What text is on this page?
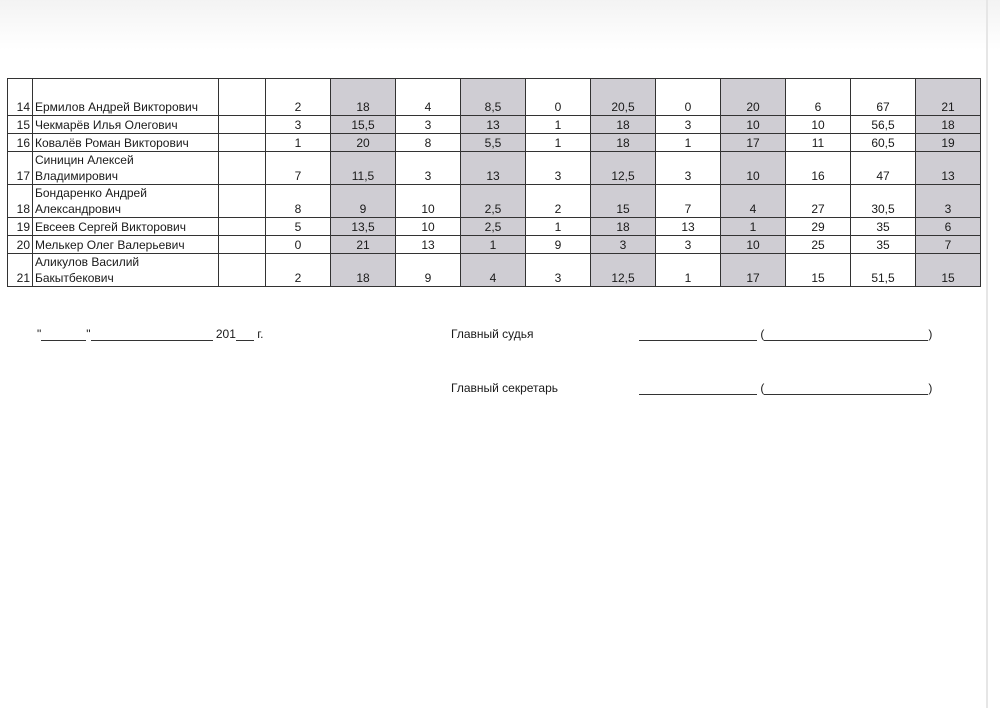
14	Ермилов Андрей Викторович		2	18	4	8,5	0	20,5	0	20	6	67	21
15	Чекмарёв Илья Олегович		3	15,5	3	13	1	18	3	10	10	56,5	18
16	Ковалёв Роман Викторович		1	20	8	5,5	1	18	1	17	11	60,5	19
17	Синицин Алексей Владимирович		7	11,5	3	13	3	12,5	3	10	16	47	13
18	Бондаренко Андрей Александрович		8	9	10	2,5	2	15	7	4	27	30,5	3
19	Евсеев Сергей Викторович		5	13,5	10	2,5	1	18	13	1	29	35	6
20	Мелькер Олег Валерьевич		0	21	13	1	9	3	3	10	25	35	7
21	Аликулов Василий Бакытбекович		2	18	9	4	3	12,5	1	17	15	51,5	15
"	"	201 г.	Главный судья	(	)
Главный секретарь	(	)
